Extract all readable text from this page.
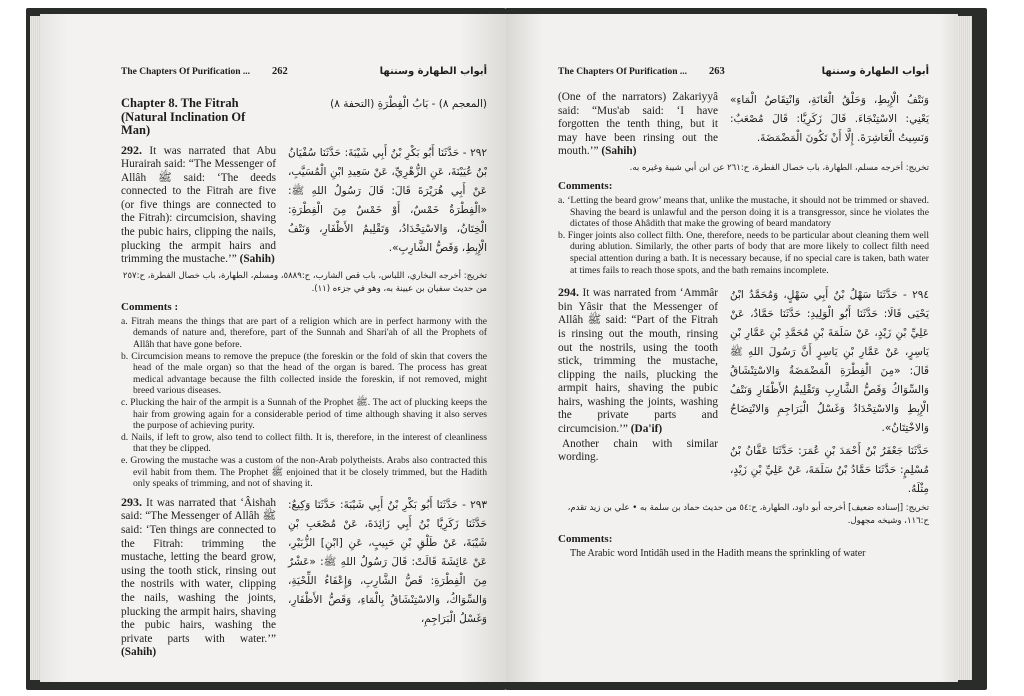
The Chapters Of Purification ... 262	أبواب الطهارة وسننها
Chapter 8. The Fitrah
(Natural Inclination Of Man)
(المعجم ٨) - بَابُ الْفِطْرَةِ (التحفة ٨)
292. It was narrated that Abu Hurairah said: “The Messenger of Allâh ﷺ said: ‘The deeds connected to the Fitrah are five (or five things are connected to the Fitrah): circumcision, shaving the pubic hairs, clipping the nails, plucking the armpit hairs and trimming the mustache.’” (Sahih)
٢٩٢ - حَدَّثَنَا أَبُو بَكْرِ بْنُ أَبِي شَيْبَةَ: حَدَّثَنَا سُفْيَانُ بْنُ عُيَيْنَةَ، عَنِ الزُّهْرِيِّ، عَنْ سَعِيدِ ابْنِ الْمُسَيَّبِ، عَنْ أَبِي هُرَيْرَةَ قَالَ: قَالَ رَسُولُ اللهِ ﷺ: «الْفِطْرَةُ خَمْسٌ، أَوْ خَمْسٌ مِنَ الْفِطْرَةِ: الْخِتَانُ، وَالاسْتِحْدَادُ، وَتَقْلِيمُ الأَظْفَارِ، وَنَتْفُ الْإِبِطِ، وَقَصُّ الشَّارِبِ».
تخريج: أخرجه البخاري، اللباس، باب قص الشارب، ح:٥٨٨٩، ومسلم، الطهارة، باب خصال الفطرة، ح:٢٥٧ من حديث سفيان بن عيينة به، وهو في جزءه (١١).
Comments :

a. Fitrah means the things that are part of a religion which are in perfect harmony with the demands of nature and, therefore, part of the Sunnah and Shari'ah of all the Prophets of Allâh that have gone before.

b. Circumcision means to remove the prepuce (the foreskin or the fold of skin that covers the head of the male organ) so that the head of the organ is bared. The process has great medical advantage because the filth collected inside the foreskin, if not removed, might breed various diseases.

c. Plucking the hair of the armpit is a Sunnah of the Prophet ﷺ. The act of plucking keeps the hair from growing again for a considerable period of time although shaving it also serves the purpose of achieving purity.

d. Nails, if left to grow, also tend to collect filth. It is, therefore, in the interest of cleanliness that they be clipped.

e. Growing the mustache was a custom of the non-Arab polytheists. Arabs also contracted this evil habit from them. The Prophet ﷺ enjoined that it be closely trimmed, but the Hadith only speaks of trimming, and not of shaving it.

293. It was narrated that ‘Âishah said: “The Messenger of Allâh ﷺ said: ‘Ten things are connected to the Fitrah: trimming the mustache, letting the beard grow, using the tooth stick, rinsing out the nostrils with water, clipping the nails, washing the joints, plucking the armpit hairs, shaving the pubic hairs, washing the private parts with water.’” (Sahih)
٢٩٣ - حَدَّثَنَا أَبُو بَكْرِ بْنُ أَبِي شَيْبَةَ: حَدَّثَنَا وَكِيعٌ: حَدَّثَنَا زَكَرِيَّا بْنُ أَبِي زَائِدَةَ، عَنْ مُصْعَبِ بْنِ شَيْبَةَ، عَنْ طَلْقِ بْنِ حَبِيبٍ، عَنِ [ابْنِ] الزُّبَيْرِ، عَنْ عَائِشَةَ قَالَتْ: قَالَ رَسُولُ اللهِ ﷺ: «عَشْرٌ مِنَ الْفِطْرَةِ: قَصُّ الشَّارِبِ، وَإِعْفَاءُ اللِّحْيَةِ، وَالسِّوَاكُ، وَالاسْتِنْشَاقُ بِالْمَاءِ، وَقَصُّ الأَظْفَارِ، وَغَسْلُ الْبَرَاجِمِ،
The Chapters Of Purification ... 263	أبواب الطهارة وسننها
(One of the narrators) Zakariyyâ said: “Mus'ab said: ‘I have forgotten the tenth thing, but it may have been rinsing out the mouth.’” (Sahih)
وَنَتْفُ الْإِبِطِ، وَحَلْقُ الْعَانَةِ، وَانْتِقَاصُ الْمَاءِ» يَعْنِي: الاسْتِنْجَاءَ. قَالَ زَكَرِيَّا: قَالَ مُصْعَبٌ: وَنَسِيتُ الْعَاشِرَةَ. إِلَّا أَنْ تَكُونَ الْمَضْمَضَةَ.
تخريج: أخرجه مسلم، الطهارة، باب خصال الفطرة، ح:٢٦١ عن ابن أبي شيبة وغيره به.
Comments:

a. ‘Letting the beard grow’ means that, unlike the mustache, it should not be trimmed or shaved. Shaving the beard is unlawful and the person doing it is a transgressor, since he violates the dictates of those Ahâdith that make the growing of beard mandatory

b. Finger joints also collect filth. One, therefore, needs to be particular about cleaning them well during ablution. Similarly, the other parts of body that are more likely to collect filth need special attention during a bath. It is necessary because, if no special care is taken, bath water at times fails to reach those spots, and the bath remains incomplete.

294. It was narrated from ‘Ammâr bin Yâsir that the Messenger of Allâh ﷺ said: “Part of the Fitrah is rinsing out the mouth, rinsing out the nostrils, using the tooth stick, trimming the mustache, clipping the nails, plucking the armpit hairs, shaving the pubic hairs, washing the joints, washing the private parts and circumcision.’” (Da'if)
Another chain with similar wording.
٢٩٤ - حَدَّثَنَا سَهْلُ بْنُ أَبِي سَهْلٍ، وَمُحَمَّدُ ابْنُ يَحْيَى قَالَا: حَدَّثَنَا أَبُو الْوَلِيدِ: حَدَّثَنَا حَمَّادٌ، عَنْ عَلِيِّ بْنِ زَيْدٍ، عَنْ سَلَمَةَ بْنِ مُحَمَّدِ بْنِ عَمَّارِ بْنِ يَاسِرٍ، عَنْ عَمَّارِ بْنِ يَاسِرٍ أَنَّ رَسُولَ اللهِ ﷺ قَالَ: «مِنَ الْفِطْرَةِ الْمَضْمَضَةُ وَالاسْتِنْشَاقُ وَالسِّوَاكُ وَقَصُّ الشَّارِبِ وَتَقْلِيمُ الأَظْفَارِ وَنَتْفُ الْإِبِطِ وَالاسْتِحْدَادُ وَغَسْلُ الْبَرَاجِمِ وَالانْتِضَاحُ وَالاخْتِتَانُ».
حَدَّثَنَا جَعْفَرُ بْنُ أَحْمَدَ بْنِ عُمَرَ: حَدَّثَنَا عَفَّانُ بْنُ مُسْلِمٍ: حَدَّثَنَا حَمَّادُ بْنُ سَلَمَةَ، عَنْ عَلِيِّ بْنِ زَيْدٍ، مِثْلَهُ.
تخريج: [إسناده ضعيف] أخرجه أبو داود، الطهارة، ح:٥٤ من حديث حماد بن سلمة به • علي بن زيد تقدم، ح:١١٦، وشيخه مجهول.
Comments:

The Arabic word Intidâh used in the Hadith means the sprinkling of water
